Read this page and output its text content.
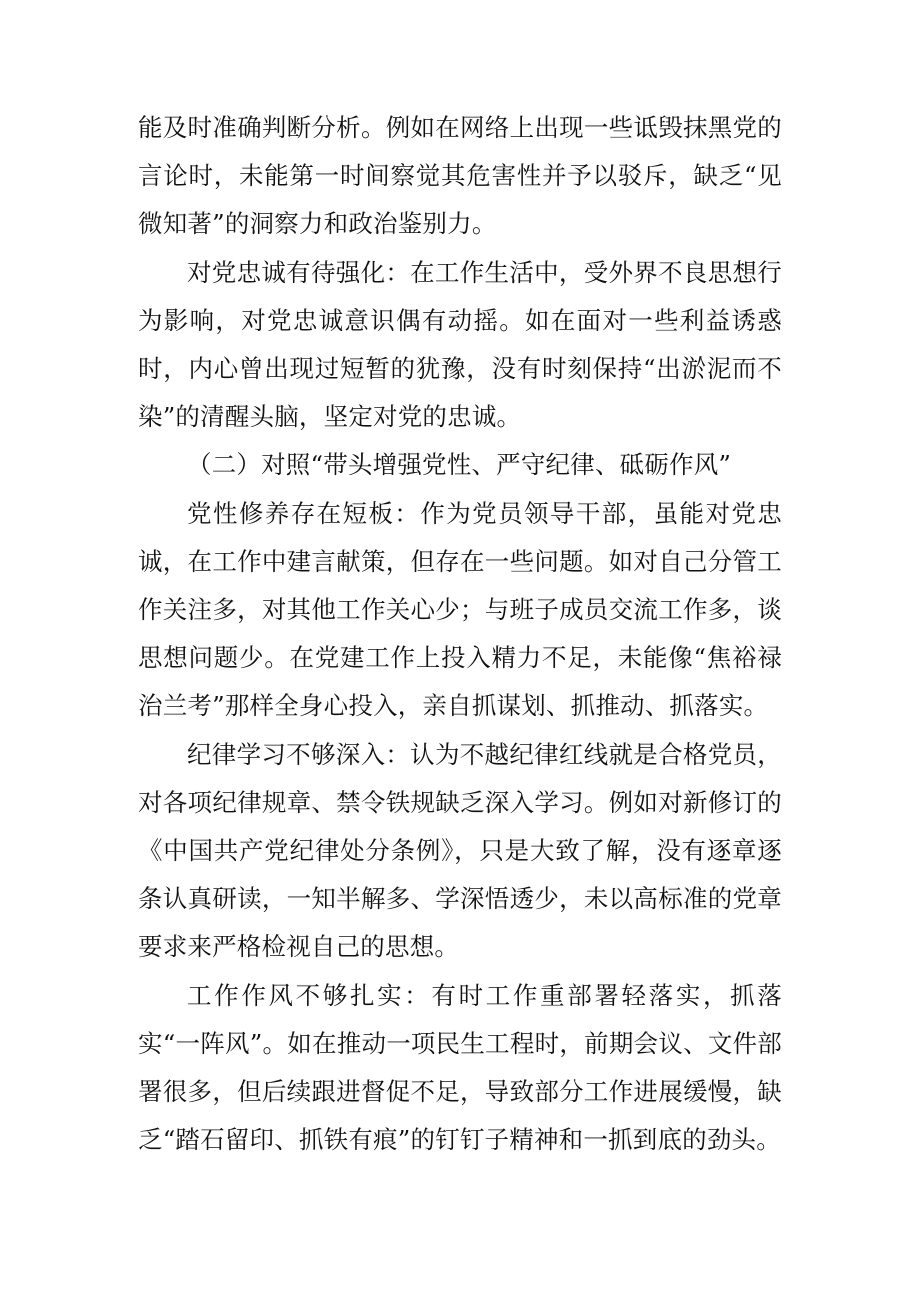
能及时准确判断分析。例如在网络上出现一些诋毁抹黑党的言论时，未能第一时间察觉其危害性并予以驳斥，缺乏“见微知著”的洞察力和政治鉴别力。

对党忠诚有待强化：在工作生活中，受外界不良思想行为影响，对党忠诚意识偶有动摇。如在面对一些利益诱惑时，内心曾出现过短暂的犹豫，没有时刻保持“出淤泥而不染”的清醒头脑，坚定对党的忠诚。

（二）对照“带头增强党性、严守纪律、砥砺作风”

党性修养存在短板：作为党员领导干部，虽能对党忠诚，在工作中建言献策，但存在一些问题。如对自己分管工作关注多，对其他工作关心少；与班子成员交流工作多，谈思想问题少。在党建工作上投入精力不足，未能像“焦裕禄治兰考”那样全身心投入，亲自抓谋划、抓推动、抓落实。

纪律学习不够深入：认为不越纪律红线就是合格党员，对各项纪律规章、禁令铁规缺乏深入学习。例如对新修订的《中国共产党纪律处分条例》，只是大致了解，没有逐章逐条认真研读，一知半解多、学深悟透少，未以高标准的党章要求来严格检视自己的思想。

工作作风不够扎实：有时工作重部署轻落实，抓落实“一阵风”。如在推动一项民生工程时，前期会议、文件部署很多，但后续跟进督促不足，导致部分工作进展缓慢，缺乏“踏石留印、抓铁有痕”的钉钉子精神和一抓到底的劲头。
